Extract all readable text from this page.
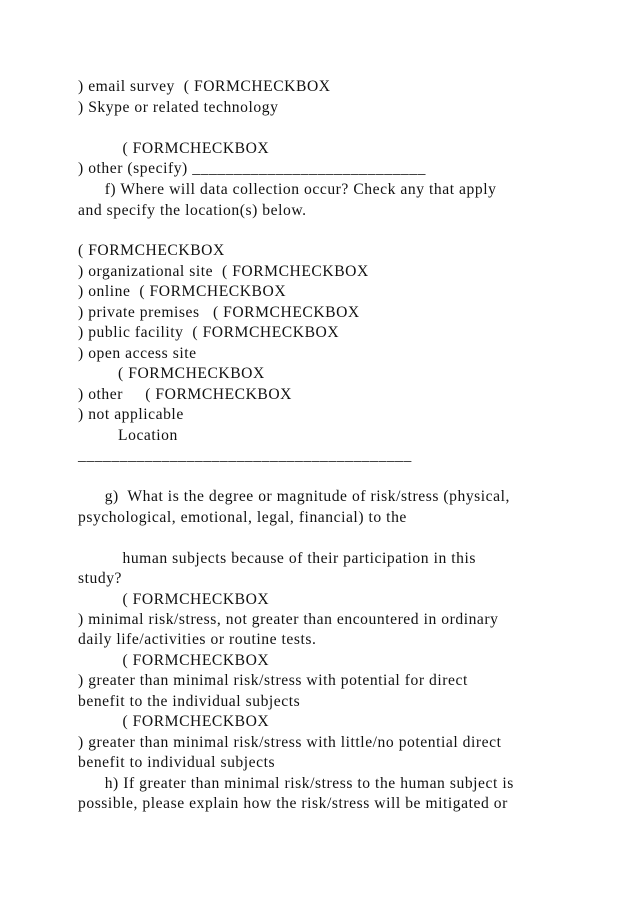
) email survey  ( FORMCHECKBOX
) Skype or related technology
( FORMCHECKBOX
) other (specify) ____________________________
f) Where will data collection occur? Check any that apply
and specify the location(s) below.
( FORMCHECKBOX
) organizational site  ( FORMCHECKBOX
) online  ( FORMCHECKBOX
) private premises   ( FORMCHECKBOX
) public facility  ( FORMCHECKBOX
) open access site
( FORMCHECKBOX
) other     ( FORMCHECKBOX
) not applicable
Location
________________________________________
g)  What is the degree or magnitude of risk/stress (physical,
psychological, emotional, legal, financial) to the
human subjects because of their participation in this
study?
( FORMCHECKBOX
) minimal risk/stress, not greater than encountered in ordinary
daily life/activities or routine tests.
( FORMCHECKBOX
) greater than minimal risk/stress with potential for direct
benefit to the individual subjects
( FORMCHECKBOX
) greater than minimal risk/stress with little/no potential direct
benefit to individual subjects
h) If greater than minimal risk/stress to the human subject is
possible, please explain how the risk/stress will be mitigated or
